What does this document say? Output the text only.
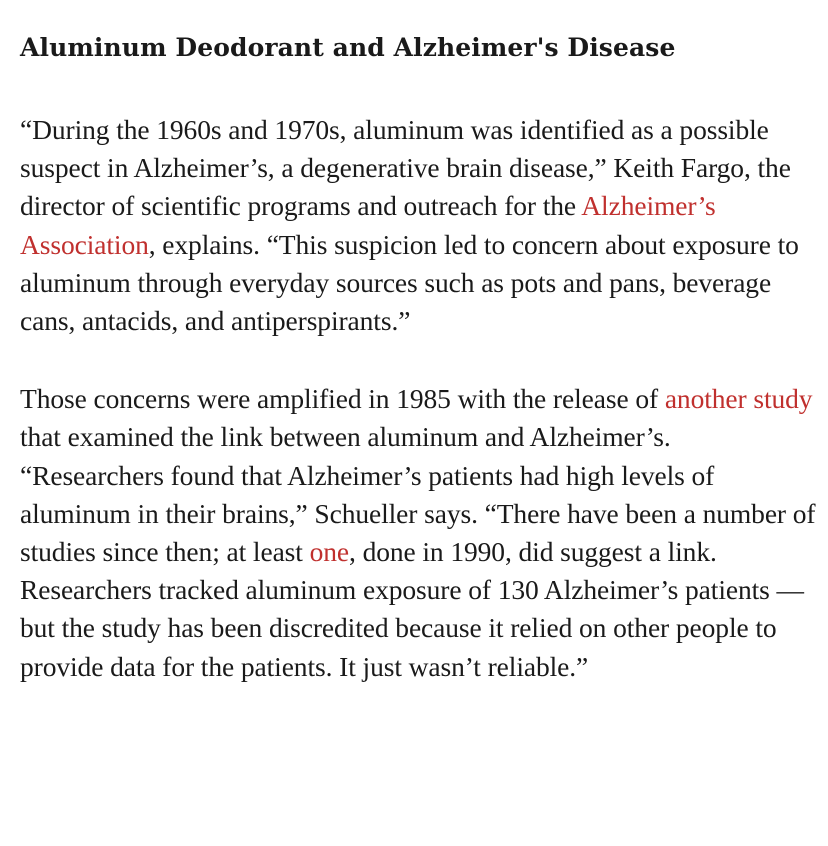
Aluminum Deodorant and Alzheimer's Disease

“During the 1960s and 1970s, aluminum was identified as a possible suspect in Alzheimer’s, a degenerative brain disease,” Keith Fargo, the director of scientific programs and outreach for the Alzheimer’s Association, explains. “This suspicion led to concern about exposure to aluminum through everyday sources such as pots and pans, beverage cans, antacids, and antiperspirants.”

Those concerns were amplified in 1985 with the release of another study that examined the link between aluminum and Alzheimer’s. “Researchers found that Alzheimer’s patients had high levels of aluminum in their brains,” Schueller says. “There have been a number of studies since then; at least one, done in 1990, did suggest a link. Researchers tracked aluminum exposure of 130 Alzheimer’s patients — but the study has been discredited because it relied on other people to provide data for the patients. It just wasn’t reliable.”
